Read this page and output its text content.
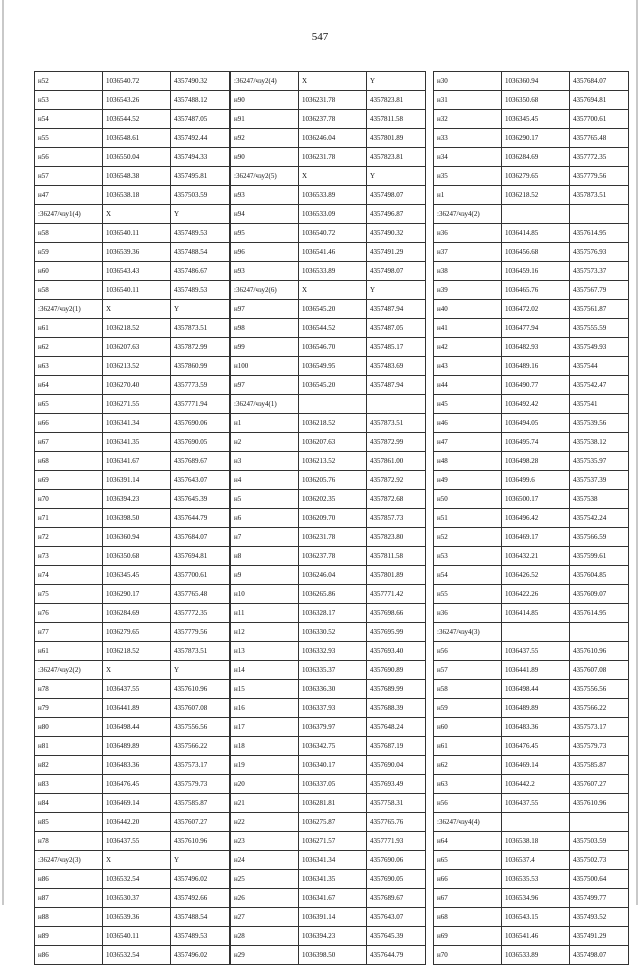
547
н52	1036540.72	4357490.32
н53	1036543.26	4357488.12
н54	1036544.52	4357487.05
н55	1036548.61	4357492.44
н56	1036550.04	4357494.33
н57	1036548.38	4357495.81
н47	1036538.18	4357503.59
:36247/чзу1(4)	X	Y
н58	1036540.11	4357489.53
н59	1036539.36	4357488.54
н60	1036543.43	4357486.67
н58	1036540.11	4357489.53
:36247/чзу2(1)	X	Y
н61	1036218.52	4357873.51
н62	1036207.63	4357872.99
н63	1036213.52	4357860.99
н64	1036270.40	4357773.59
н65	1036271.55	4357771.94
н66	1036341.34	4357690.06
н67	1036341.35	4357690.05
н68	1036341.67	4357689.67
н69	1036391.14	4357643.07
н70	1036394.23	4357645.39
н71	1036398.50	4357644.79
н72	1036360.94	4357684.07
н73	1036350.68	4357694.81
н74	1036345.45	4357700.61
н75	1036290.17	4357765.48
н76	1036284.69	4357772.35
н77	1036279.65	4357779.56
н61	1036218.52	4357873.51
:36247/чзу2(2)	X	Y
н78	1036437.55	4357610.96
н79	1036441.89	4357607.08
н80	1036498.44	4357556.56
н81	1036489.89	4357566.22
н82	1036483.36	4357573.17
н83	1036476.45	4357579.73
н84	1036469.14	4357585.87
н85	1036442.20	4357607.27
н78	1036437.55	4357610.96
:36247/чзу2(3)	X	Y
н86	1036532.54	4357496.02
н87	1036530.37	4357492.66
н88	1036539.36	4357488.54
н89	1036540.11	4357489.53
н86	1036532.54	4357496.02
:36247/чзу2(4)	X	Y
н90	1036231.78	4357823.81
н91	1036237.78	4357811.58
н92	1036246.04	4357801.89
н90	1036231.78	4357823.81
:36247/чзу2(5)	X	Y
н93	1036533.89	4357498.07
н94	1036533.09	4357496.87
н95	1036540.72	4357490.32
н96	1036541.46	4357491.29
н93	1036533.89	4357498.07
:36247/чзу2(6)	X	Y
н97	1036545.20	4357487.94
н98	1036544.52	4357487.05
н99	1036546.70	4357485.17
н100	1036549.95	4357483.69
н97	1036545.20	4357487.94
:36247/чзу4(1)		
н1	1036218.52	4357873.51
н2	1036207.63	4357872.99
н3	1036213.52	4357861.00
н4	1036205.76	4357872.92
н5	1036202.35	4357872.68
н6	1036209.70	4357857.73
н7	1036231.78	4357823.80
н8	1036237.78	4357811.58
н9	1036246.04	4357801.89
н10	1036265.86	4357771.42
н11	1036328.17	4357698.66
н12	1036330.52	4357695.99
н13	1036332.93	4357693.40
н14	1036335.37	4357690.89
н15	1036336.30	4357689.99
н16	1036337.93	4357688.39
н17	1036379.97	4357648.24
н18	1036342.75	4357687.19
н19	1036340.17	4357690.04
н20	1036337.05	4357693.49
н21	1036281.81	4357758.31
н22	1036275.87	4357765.76
н23	1036271.57	4357771.93
н24	1036341.34	4357690.06
н25	1036341.35	4357690.05
н26	1036341.67	4357689.67
н27	1036391.14	4357643.07
н28	1036394.23	4357645.39
н29	1036398.50	4357644.79
н30	1036360.94	4357684.07
н31	1036350.68	4357694.81
н32	1036345.45	4357700.61
н33	1036290.17	4357765.48
н34	1036284.69	4357772.35
н35	1036279.65	4357779.56
н1	1036218.52	4357873.51
:36247/чзу4(2)		
н36	1036414.85	4357614.95
н37	1036456.68	4357576.93
н38	1036459.16	4357573.37
н39	1036465.76	4357567.79
н40	1036472.02	4357561.87
н41	1036477.94	4357555.59
н42	1036482.93	4357549.93
н43	1036489.16	4357544
н44	1036490.77	4357542.47
н45	1036492.42	4357541
н46	1036494.05	4357539.56
н47	1036495.74	4357538.12
н48	1036498.28	4357535.97
н49	1036499.6	4357537.39
н50	1036500.17	4357538
н51	1036496.42	4357542.24
н52	1036469.17	4357566.59
н53	1036432.21	4357599.61
н54	1036426.52	4357604.85
н55	1036422.26	4357609.07
н36	1036414.85	4357614.95
:36247/чзу4(3)		
н56	1036437.55	4357610.96
н57	1036441.89	4357607.08
н58	1036498.44	4357556.56
н59	1036489.89	4357566.22
н60	1036483.36	4357573.17
н61	1036476.45	4357579.73
н62	1036469.14	4357585.87
н63	1036442.2	4357607.27
н56	1036437.55	4357610.96
:36247/чзу4(4)		
н64	1036538.18	4357503.59
н65	1036537.4	4357502.73
н66	1036535.53	4357500.64
н67	1036534.96	4357499.77
н68	1036543.15	4357493.52
н69	1036541.46	4357491.29
н70	1036533.89	4357498.07
